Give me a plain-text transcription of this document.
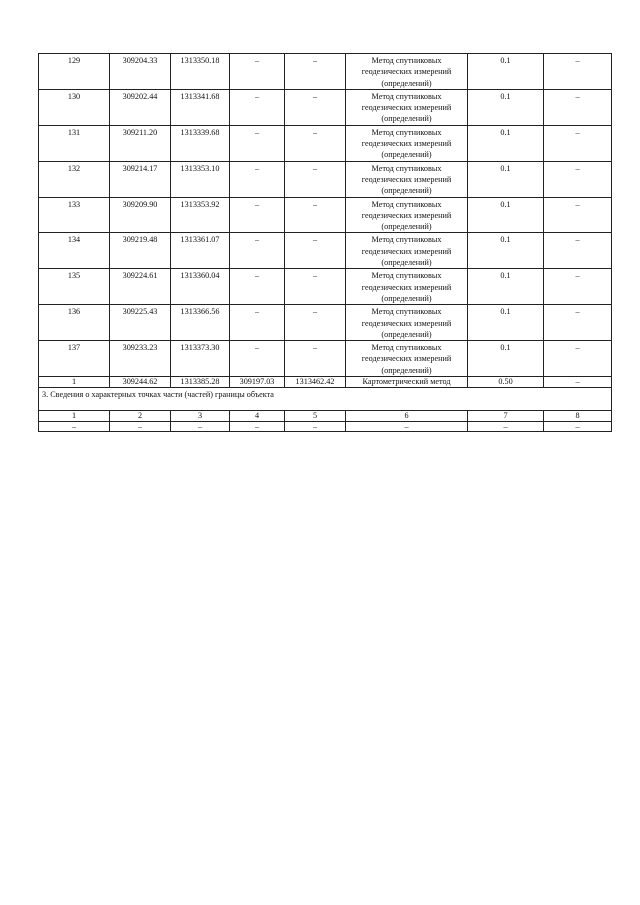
129	309204.33	1313350.18	–	–	Метод спутниковых геодезических измерений (определений)	0.1	–
130	309202.44	1313341.68	–	–	Метод спутниковых геодезических измерений (определений)	0.1	–
131	309211.20	1313339.68	–	–	Метод спутниковых геодезических измерений (определений)	0.1	–
132	309214.17	1313353.10	–	–	Метод спутниковых геодезических измерений (определений)	0.1	–
133	309209.90	1313353.92	–	–	Метод спутниковых геодезических измерений (определений)	0.1	–
134	309219.48	1313361.07	–	–	Метод спутниковых геодезических измерений (определений)	0.1	–
135	309224.61	1313360.04	–	–	Метод спутниковых геодезических измерений (определений)	0.1	–
136	309225.43	1313366.56	–	–	Метод спутниковых геодезических измерений (определений)	0.1	–
137	309233.23	1313373.30	–	–	Метод спутниковых геодезических измерений (определений)	0.1	–
1	309244.62	1313385.28	309197.03	1313462.42	Картометрический метод	0.50	–
3. Сведения о характерных точках части (частей) границы объекта							
1	2	3	4	5	6	7	8
–	–	–	–	–	–	–	–
